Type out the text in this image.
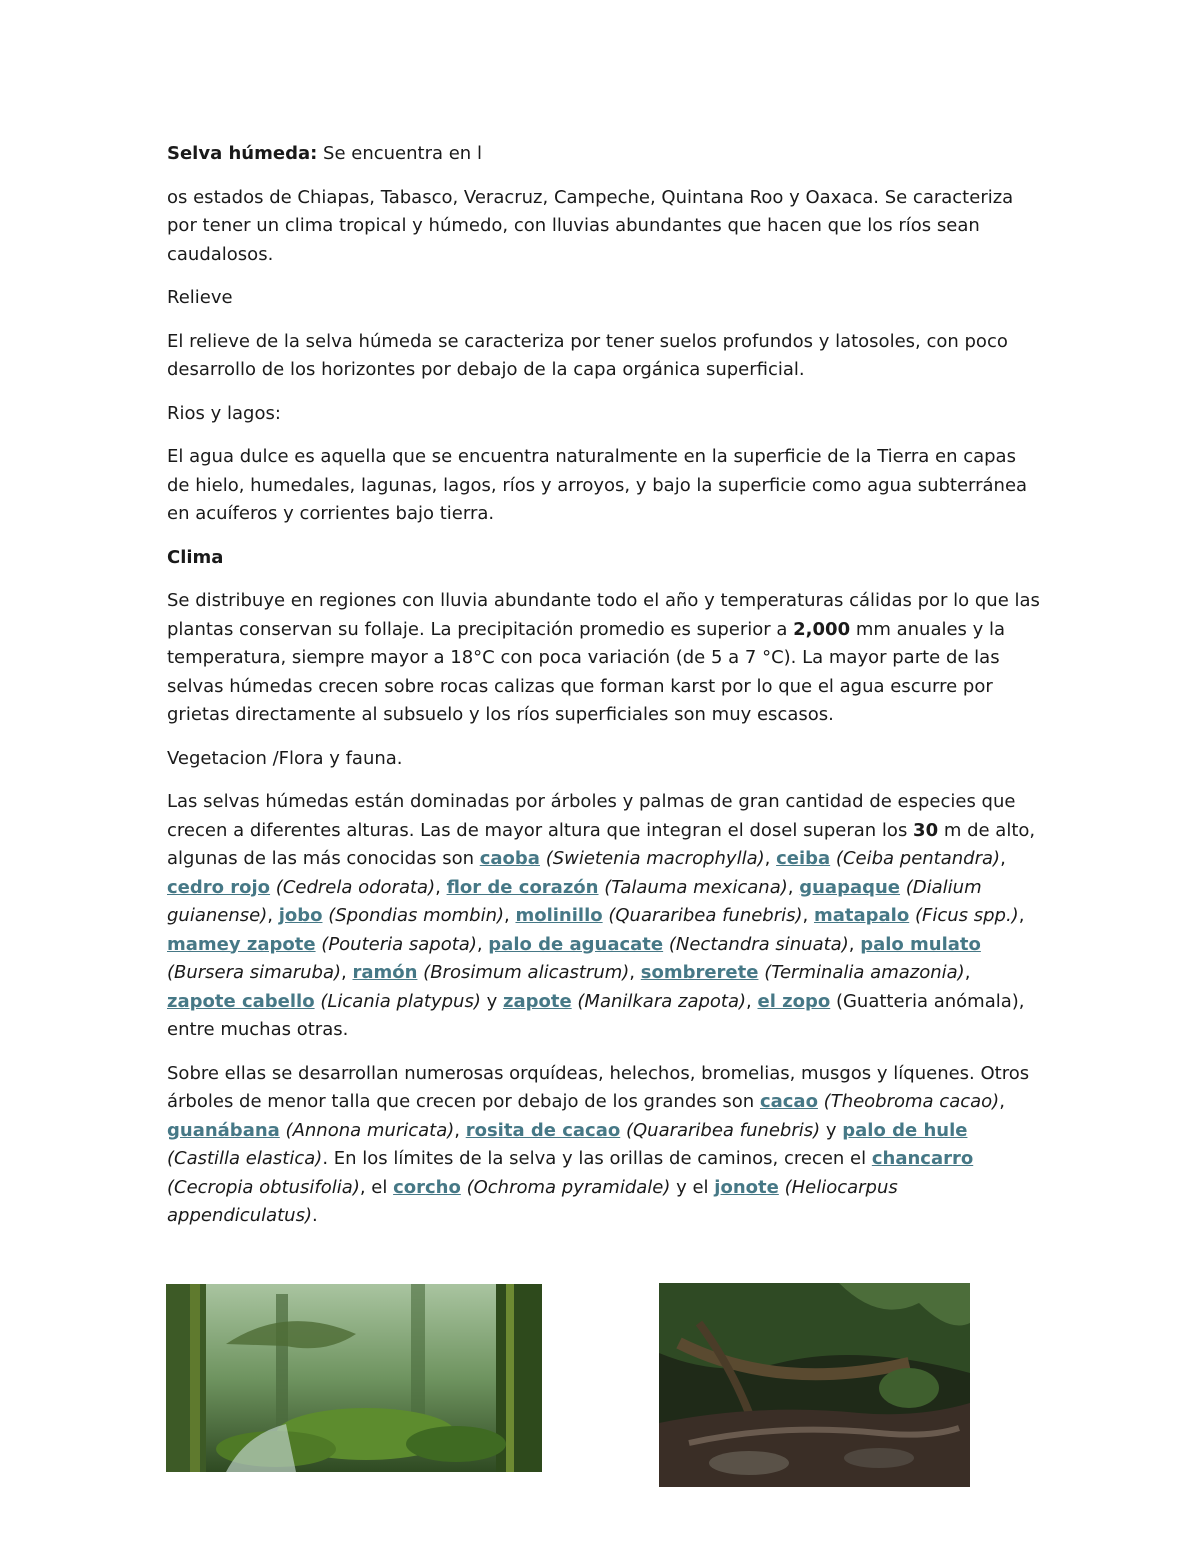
Selva húmeda: Se encuentra en l

os estados de Chiapas, Tabasco, Veracruz, Campeche, Quintana Roo y Oaxaca. Se caracteriza por tener un clima tropical y húmedo, con lluvias abundantes que hacen que los ríos sean caudalosos.

Relieve

El relieve de la selva húmeda se caracteriza por tener suelos profundos y latosoles, con poco desarrollo de los horizontes por debajo de la capa orgánica superficial.

Rios y lagos:

El agua dulce es aquella que se encuentra naturalmente en la superficie de la Tierra en capas de hielo, humedales, lagunas, lagos, ríos y arroyos, y bajo la superficie como agua subterránea en acuíferos y corrientes bajo tierra.

Clima

Se distribuye en regiones con lluvia abundante todo el año y temperaturas cálidas por lo que las plantas conservan su follaje. La precipitación promedio es superior a 2,000 mm anuales y la temperatura, siempre mayor a 18°C con poca variación (de 5 a 7 °C). La mayor parte de las selvas húmedas crecen sobre rocas calizas que forman karst por lo que el agua escurre por grietas directamente al subsuelo y los ríos superficiales son muy escasos.

Vegetacion /Flora y fauna.

Las selvas húmedas están dominadas por árboles y palmas de gran cantidad de especies que crecen a diferentes alturas. Las de mayor altura que integran el dosel superan los 30 m de alto, algunas de las más conocidas son caoba (Swietenia macrophylla), ceiba (Ceiba pentandra), cedro rojo (Cedrela odorata), flor de corazón (Talauma mexicana), guapaque (Dialium guianense), jobo (Spondias mombin), molinillo (Quararibea funebris), matapalo (Ficus spp.), mamey zapote (Pouteria sapota), palo de aguacate (Nectandra sinuata), palo mulato (Bursera simaruba), ramón (Brosimum alicastrum), sombrerete (Terminalia amazonia), zapote cabello (Licania platypus) y zapote (Manilkara zapota), el zopo (Guatteria anómala), entre muchas otras.

Sobre ellas se desarrollan numerosas orquídeas, helechos, bromelias, musgos y líquenes. Otros árboles de menor talla que crecen por debajo de los grandes son cacao (Theobroma cacao), guanábana (Annona muricata), rosita de cacao (Quararibea funebris) y palo de hule (Castilla elastica). En los límites de la selva y las orillas de caminos, crecen el chancarro (Cecropia obtusifolia), el corcho (Ochroma pyramidale) y el jonote (Heliocarpus appendiculatus).
